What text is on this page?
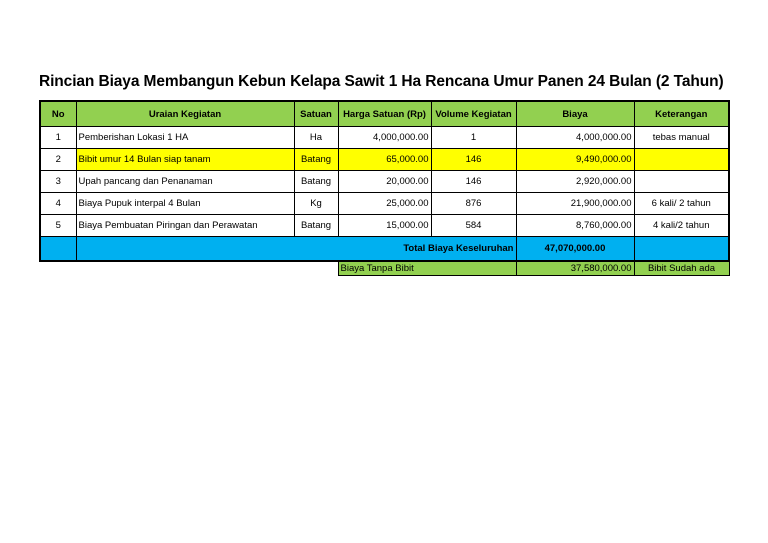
Rincian Biaya Membangun Kebun Kelapa Sawit 1 Ha Rencana Umur Panen 24 Bulan (2 Tahun)
No	Uraian Kegiatan	Satuan	Harga Satuan (Rp)	Volume Kegiatan	Biaya	Keterangan
1	Pemberishan Lokasi 1 HA	Ha	4,000,000.00	1	4,000,000.00	tebas manual
2	Bibit umur 14 Bulan siap tanam	Batang	65,000.00	146	9,490,000.00	
3	Upah pancang dan Penanaman	Batang	20,000.00	146	2,920,000.00	
4	Biaya Pupuk interpal 4 Bulan	Kg	25,000.00	876	21,900,000.00	6 kali/ 2 tahun
5	Biaya Pembuatan Piringan dan Perawatan	Batang	15,000.00	584	8,760,000.00	4 kali/2 tahun
	Total Biaya Keseluruhan				47,070,000.00	
			Biaya Tanpa Bibit		37,580,000.00	Bibit Sudah ada
